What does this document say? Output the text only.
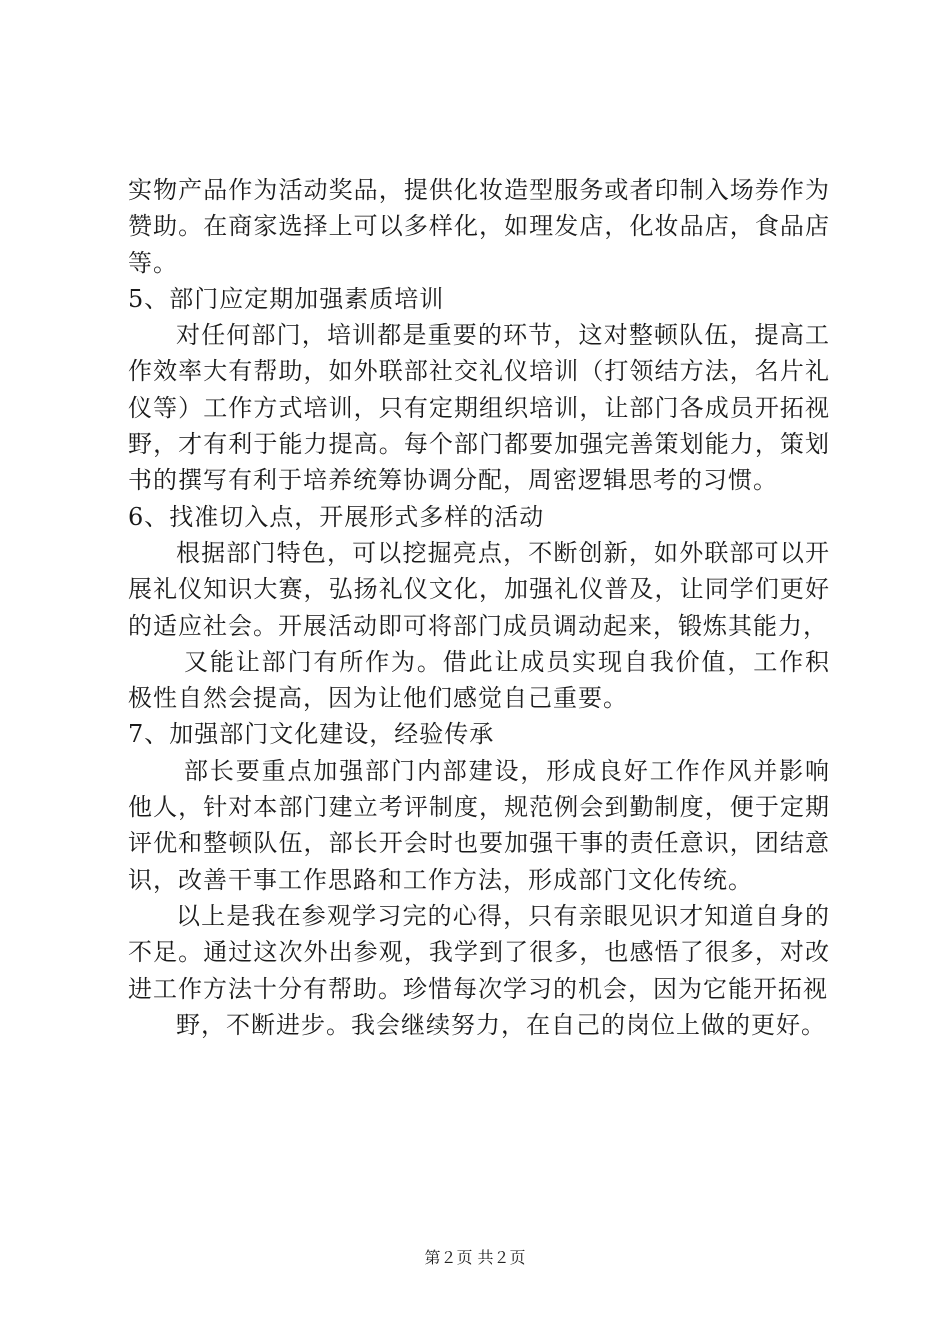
实物产品作为活动奖品，提供化妆造型服务或者印制入场券作为赞助。在商家选择上可以多样化，如理发店，化妆品店，食品店等。

5、部门应定期加强素质培训

对任何部门，培训都是重要的环节，这对整顿队伍，提高工作效率大有帮助，如外联部社交礼仪培训（打领结方法，名片礼仪等）工作方式培训，只有定期组织培训，让部门各成员开拓视野，才有利于能力提高。每个部门都要加强完善策划能力，策划书的撰写有利于培养统筹协调分配，周密逻辑思考的习惯。

6、找准切入点，开展形式多样的活动

根据部门特色，可以挖掘亮点，不断创新，如外联部可以开展礼仪知识大赛，弘扬礼仪文化，加强礼仪普及，让同学们更好的适应社会。开展活动即可将部门成员调动起来，锻炼其能力，

又能让部门有所作为。借此让成员实现自我价值，工作积极性自然会提高，因为让他们感觉自己重要。

7、加强部门文化建设，经验传承

部长要重点加强部门内部建设，形成良好工作作风并影响他人，针对本部门建立考评制度，规范例会到勤制度，便于定期评优和整顿队伍，部长开会时也要加强干事的责任意识，团结意识，改善干事工作思路和工作方法，形成部门文化传统。

以上是我在参观学习完的心得，只有亲眼见识才知道自身的不足。通过这次外出参观，我学到了很多，也感悟了很多，对改进工作方法十分有帮助。珍惜每次学习的机会，因为它能开拓视

野，不断进步。我会继续努力，在自己的岗位上做的更好。

第２页 共２页
